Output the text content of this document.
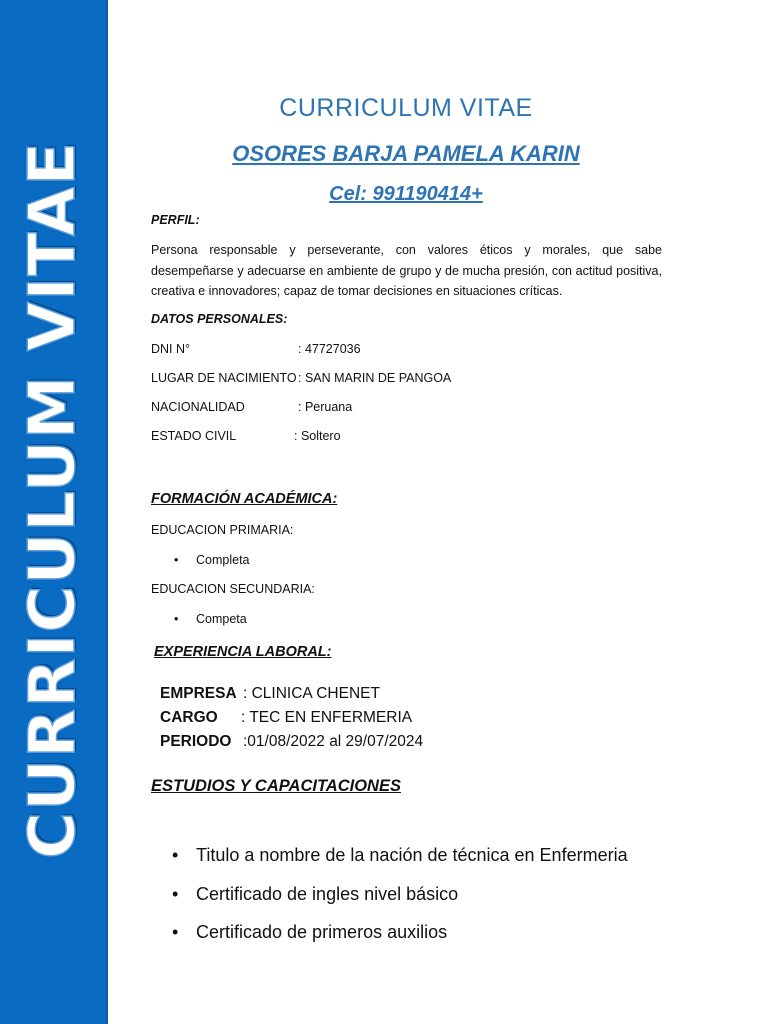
CURRICULUM VITAE
CURRICULUM VITAE
OSORES BARJA PAMELA KARIN
Cel: 991190414+
PERFIL:
Persona responsable y perseverante, con valores éticos y morales, que sabe desempeñarse y adecuarse en ambiente de grupo y de mucha presión, con actitud positiva, creativa e innovadores; capaz de tomar decisiones en situaciones críticas.
DATOS PERSONALES:
DNI N°	: 47727036
LUGAR DE NACIMIENTO: SAN MARIN DE PANGOA
NACIONALIDAD	: Peruana
ESTADO CIVIL	: Soltero
FORMACIÓN ACADÉMICA:
EDUCACION PRIMARIA:
• Completa
EDUCACION SECUNDARIA:
• Competa
EXPERIENCIA LABORAL:
EMPRESA : CLINICA CHENET
CARGO : TEC EN ENFERMERIA
PERIODO :01/08/2022 al 29/07/2024
ESTUDIOS Y CAPACITACIONES
• Titulo a nombre de la nación de técnica en Enfermeria
• Certificado de ingles nivel básico
• Certificado de primeros auxilios
